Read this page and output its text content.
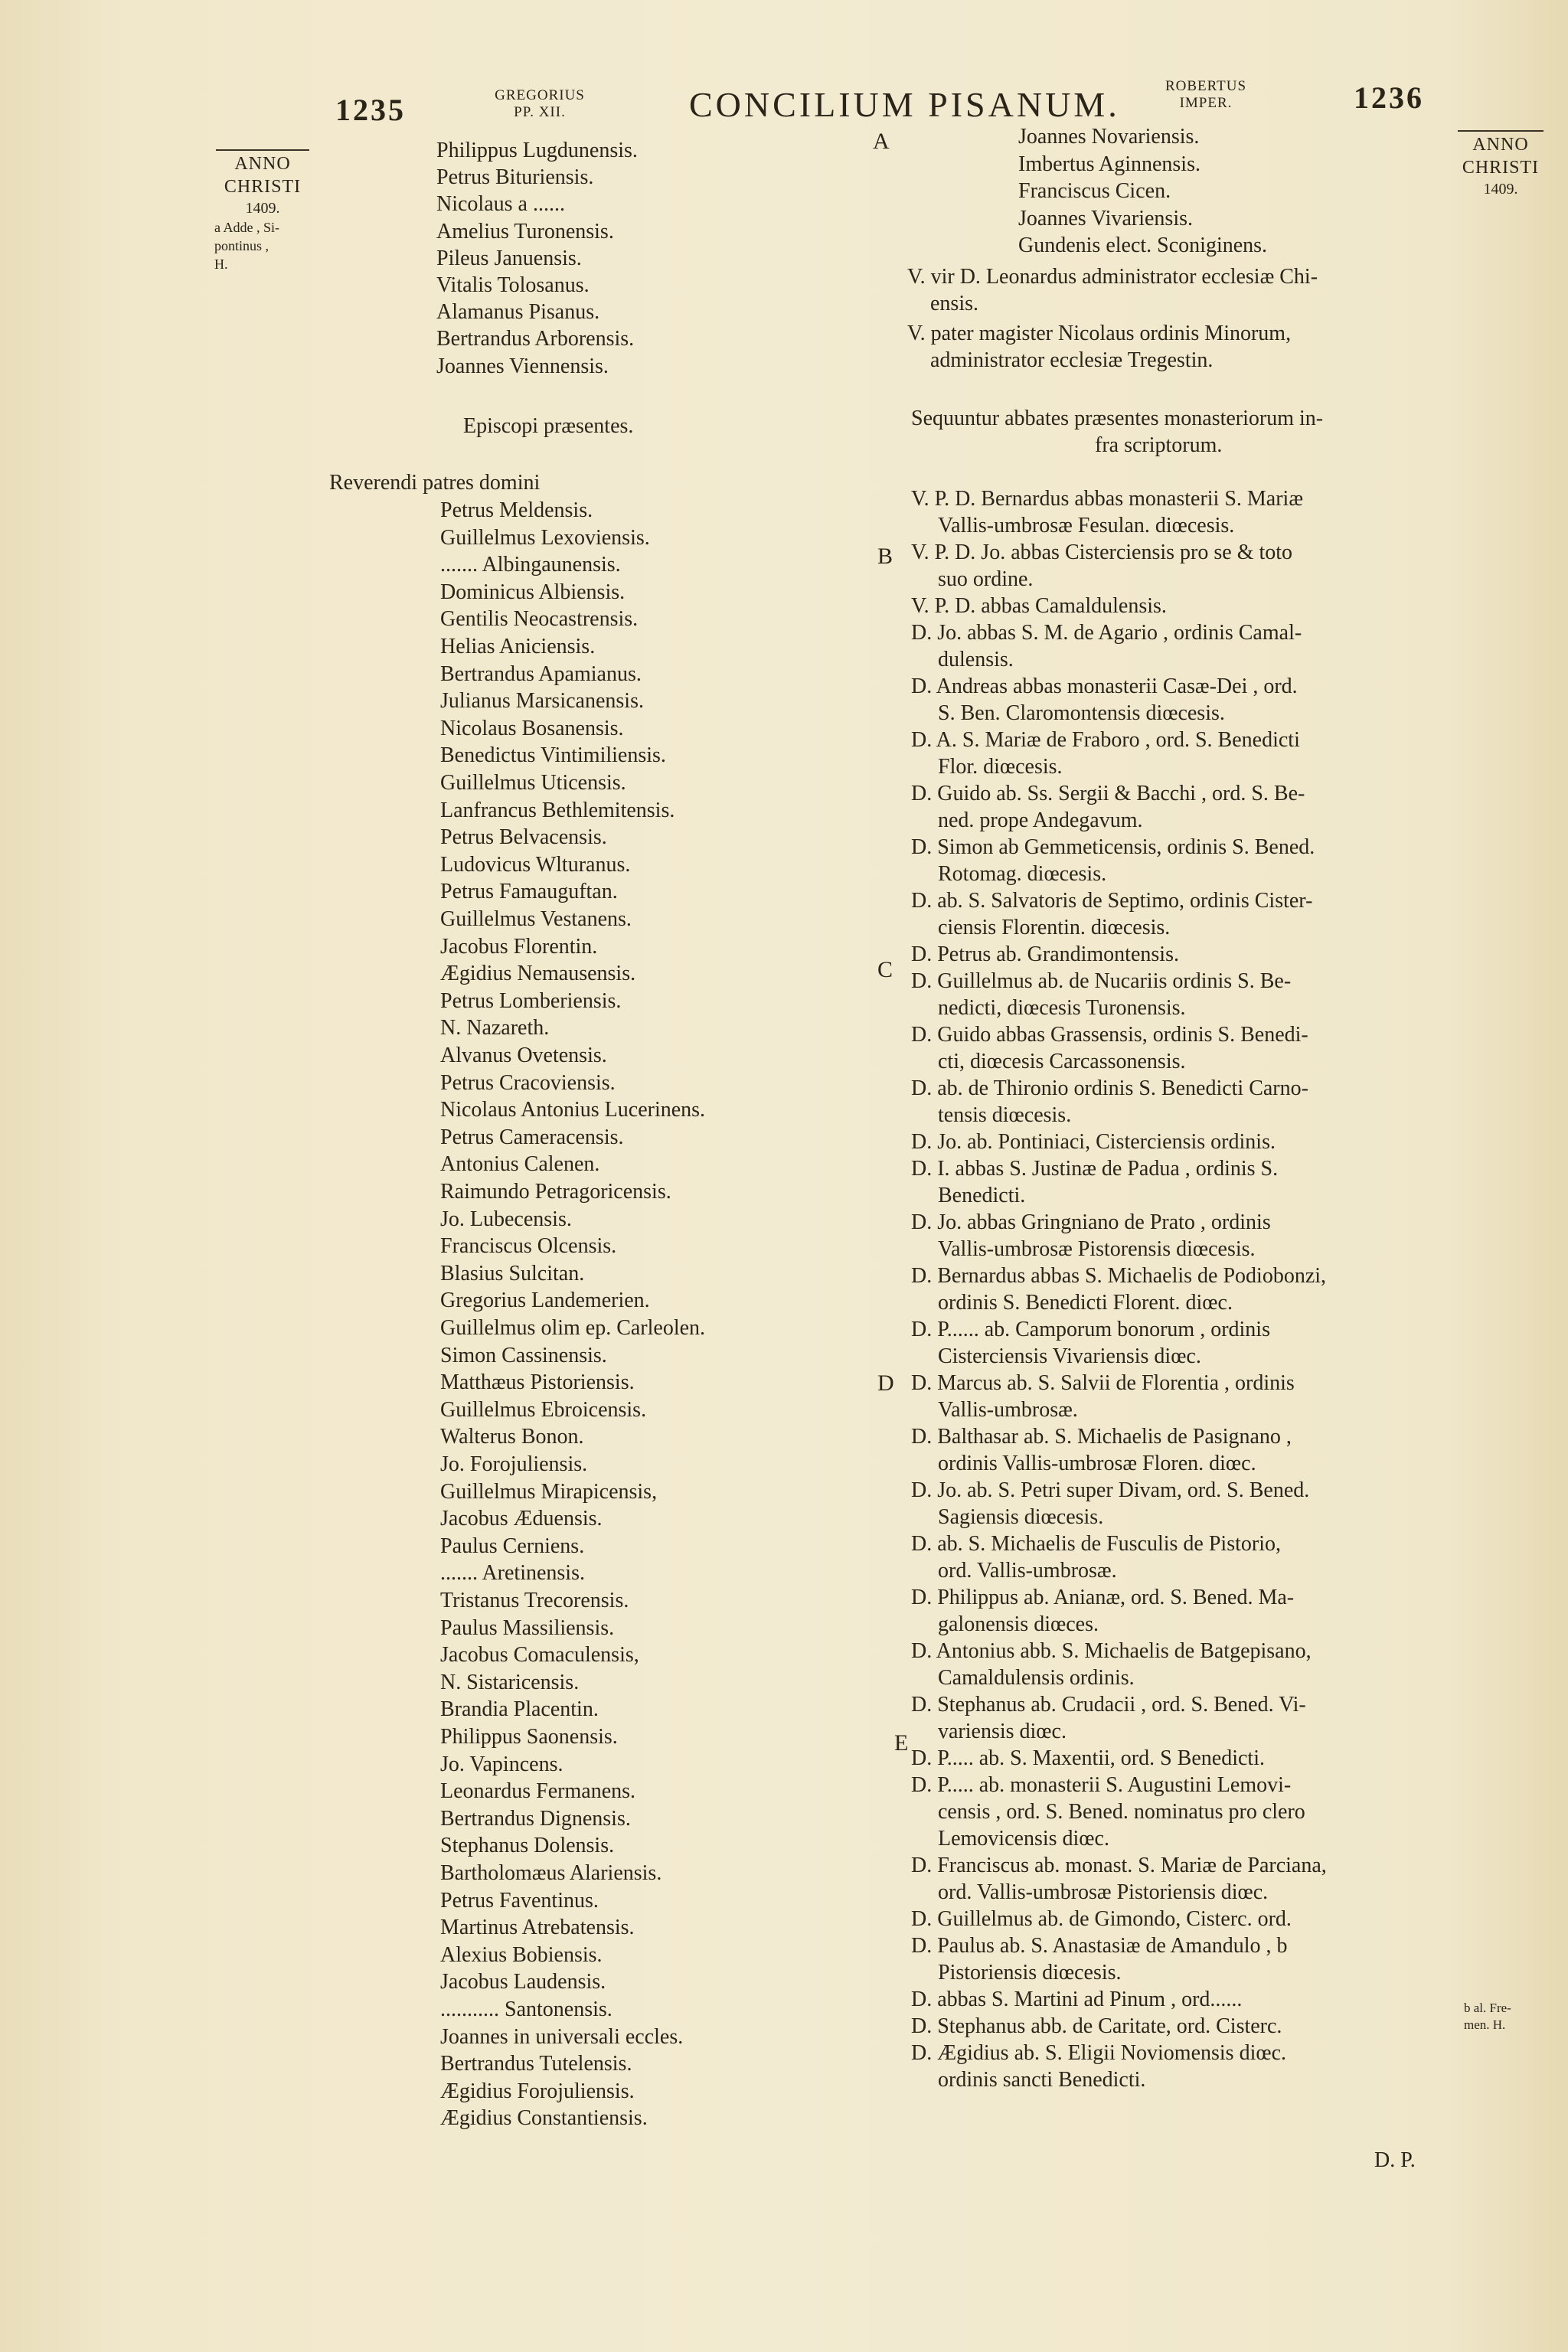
1235	GREGORIUS
PP. XII.	CONCILIUM PISANUM.	ROBERTUS
IMPER.	1236
ANNO
CHRISTI
1409.
a Adde , Si-
pontinus ,
H.
ANNO
CHRISTI
1409.
b al. Fre-
men. H.
A
B
C
D
E
Philippus Lugdunensis.
Petrus Bituriensis.
Nicolaus a ......
Amelius Turonensis.
Pileus Januensis.
Vitalis Tolosanus.
Alamanus Pisanus.
Bertrandus Arborensis.
Joannes Viennensis.
Episcopi præsentes.
Reverendi patres domini
Petrus Meldensis.
Guillelmus Lexoviensis.
....... Albingaunensis.
Dominicus Albiensis.
Gentilis Neocastrensis.
Helias Aniciensis.
Bertrandus Apamianus.
Julianus Marsicanensis.
Nicolaus Bosanensis.
Benedictus Vintimiliensis.
Guillelmus Uticensis.
Lanfrancus Bethlemitensis.
Petrus Belvacensis.
Ludovicus Wlturanus.
Petrus Famauguftan.
Guillelmus Vestanens.
Jacobus Florentin.
Ægidius Nemausensis.
Petrus Lomberiensis.
N. Nazareth.
Alvanus Ovetensis.
Petrus Cracoviensis.
Nicolaus Antonius Lucerinens.
Petrus Cameracensis.
Antonius Calenen.
Raimundo Petragoricensis.
Jo. Lubecensis.
Franciscus Olcensis.
Blasius Sulcitan.
Gregorius Landemerien.
Guillelmus olim ep. Carleolen.
Simon Cassinensis.
Matthæus Pistoriensis.
Guillelmus Ebroicensis.
Walterus Bonon.
Jo. Forojuliensis.
Guillelmus Mirapicensis,
Jacobus Æduensis.
Paulus Cerniens.
....... Aretinensis.
Tristanus Trecorensis.
Paulus Massiliensis.
Jacobus Comaculensis,
N. Sistaricensis.
Brandia Placentin.
Philippus Saonensis.
Jo. Vapincens.
Leonardus Fermanens.
Bertrandus Dignensis.
Stephanus Dolensis.
Bartholomæus Alariensis.
Petrus Faventinus.
Martinus Atrebatensis.
Alexius Bobiensis.
Jacobus Laudensis.
........... Santonensis.
Joannes in universali eccles.
Bertrandus Tutelensis.
Ægidius Forojuliensis.
Ægidius Constantiensis.
Joannes Novariensis.
Imbertus Aginnensis.
Franciscus Cicen.
Joannes Vivariensis.
Gundenis elect. Sconiginens.
V. vir D. Leonardus administrator ecclesiæ Chi-
ensis.
V. pater magister Nicolaus ordinis Minorum,
administrator ecclesiæ Tregestin.
Sequuntur abbates præsentes monasteriorum in-
fra scriptorum.
V. P. D. Bernardus abbas monasterii S. Mariæ
Vallis-umbrosæ Fesulan. diœcesis.
V. P. D. Jo. abbas Cisterciensis pro se & toto
suo ordine.
V. P. D. abbas Camaldulensis.
D. Jo. abbas S. M. de Agario , ordinis Camal-
dulensis.
D. Andreas abbas monasterii Casæ-Dei , ord.
S. Ben. Claromontensis diœcesis.
D. A. S. Mariæ de Fraboro , ord. S. Benedicti
Flor. diœcesis.
D. Guido ab. Ss. Sergii & Bacchi , ord. S. Be-
ned. prope Andegavum.
D. Simon ab Gemmeticensis, ordinis S. Bened.
Rotomag. diœcesis.
D. ab. S. Salvatoris de Septimo, ordinis Cister-
ciensis Florentin. diœcesis.
D. Petrus ab. Grandimontensis.
D. Guillelmus ab. de Nucariis ordinis S. Be-
nedicti, diœcesis Turonensis.
D. Guido abbas Grassensis, ordinis S. Benedi-
cti, diœcesis Carcassonensis.
D. ab. de Thironio ordinis S. Benedicti Carno-
tensis diœcesis.
D. Jo. ab. Pontiniaci, Cisterciensis ordinis.
D. I. abbas S. Justinæ de Padua , ordinis S.
Benedicti.
D. Jo. abbas Gringniano de Prato , ordinis
Vallis-umbrosæ Pistorensis diœcesis.
D. Bernardus abbas S. Michaelis de Podiobonzi,
ordinis S. Benedicti Florent. diœc.
D. P...... ab. Camporum bonorum , ordinis
Cisterciensis Vivariensis diœc.
D. Marcus ab. S. Salvii de Florentia , ordinis
Vallis-umbrosæ.
D. Balthasar ab. S. Michaelis de Pasignano ,
ordinis Vallis-umbrosæ Floren. diœc.
D. Jo. ab. S. Petri super Divam, ord. S. Bened.
Sagiensis diœcesis.
D. ab. S. Michaelis de Fusculis de Pistorio,
ord. Vallis-umbrosæ.
D. Philippus ab. Anianæ, ord. S. Bened. Ma-
galonensis diœces.
D. Antonius abb. S. Michaelis de Batgepisano,
Camaldulensis ordinis.
D. Stephanus ab. Crudacii , ord. S. Bened. Vi-
variensis diœc.
D. P..... ab. S. Maxentii, ord. S Benedicti.
D. P..... ab. monasterii S. Augustini Lemovi-
censis , ord. S. Bened. nominatus pro clero
Lemovicensis diœc.
D. Franciscus ab. monast. S. Mariæ de Parciana,
ord. Vallis-umbrosæ Pistoriensis diœc.
D. Guillelmus ab. de Gimondo, Cisterc. ord.
D. Paulus ab. S. Anastasiæ de Amandulo , b
Pistoriensis diœcesis.
D. abbas S. Martini ad Pinum , ord......
D. Stephanus abb. de Caritate, ord. Cisterc.
D. Ægidius ab. S. Eligii Noviomensis diœc.
ordinis sancti Benedicti.
D. P.
